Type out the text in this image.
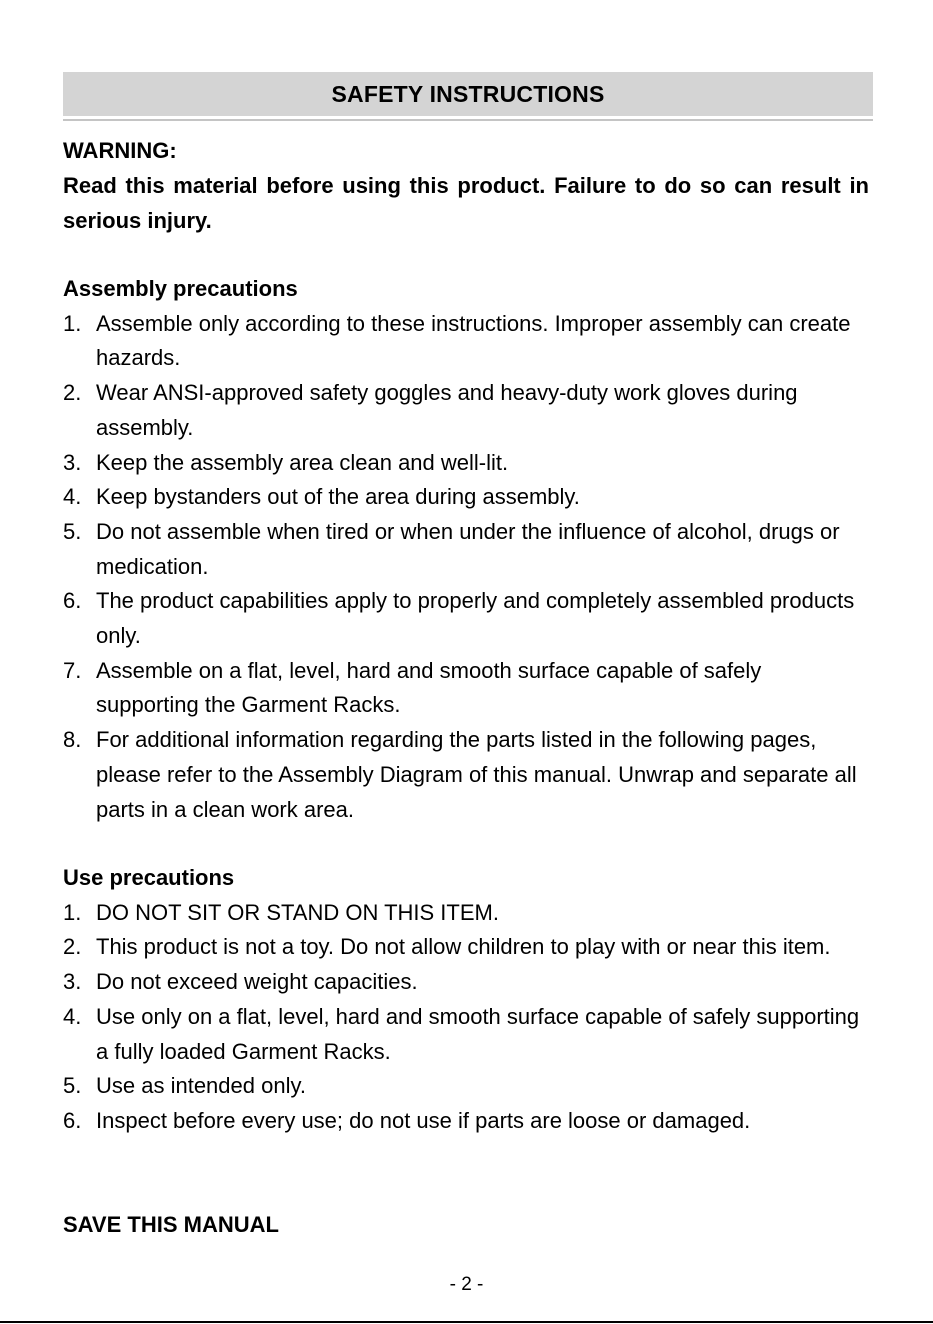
SAFETY INSTRUCTIONS
WARNING:
Read this material before using this product. Failure to do so can result in serious injury.
Assembly precautions
1. Assemble only according to these instructions. Improper assembly can create hazards.
2. Wear ANSI-approved safety goggles and heavy-duty work gloves during assembly.
3. Keep the assembly area clean and well-lit.
4. Keep bystanders out of the area during assembly.
5. Do not assemble when tired or when under the influence of alcohol, drugs or medication.
6. The product capabilities apply to properly and completely assembled products only.
7. Assemble on a flat, level, hard and smooth surface capable of safely supporting the Garment Racks.
8. For additional information regarding the parts listed in the following pages, please refer to the Assembly Diagram of this manual. Unwrap and separate all parts in a clean work area.
Use precautions
1. DO NOT SIT OR STAND ON THIS ITEM.
2. This product is not a toy. Do not allow children to play with or near this item.
3. Do not exceed weight capacities.
4. Use only on a flat, level, hard and smooth surface capable of safely supporting a fully loaded Garment Racks.
5. Use as intended only.
6. Inspect before every use; do not use if parts are loose or damaged.
SAVE THIS MANUAL
- 2 -
